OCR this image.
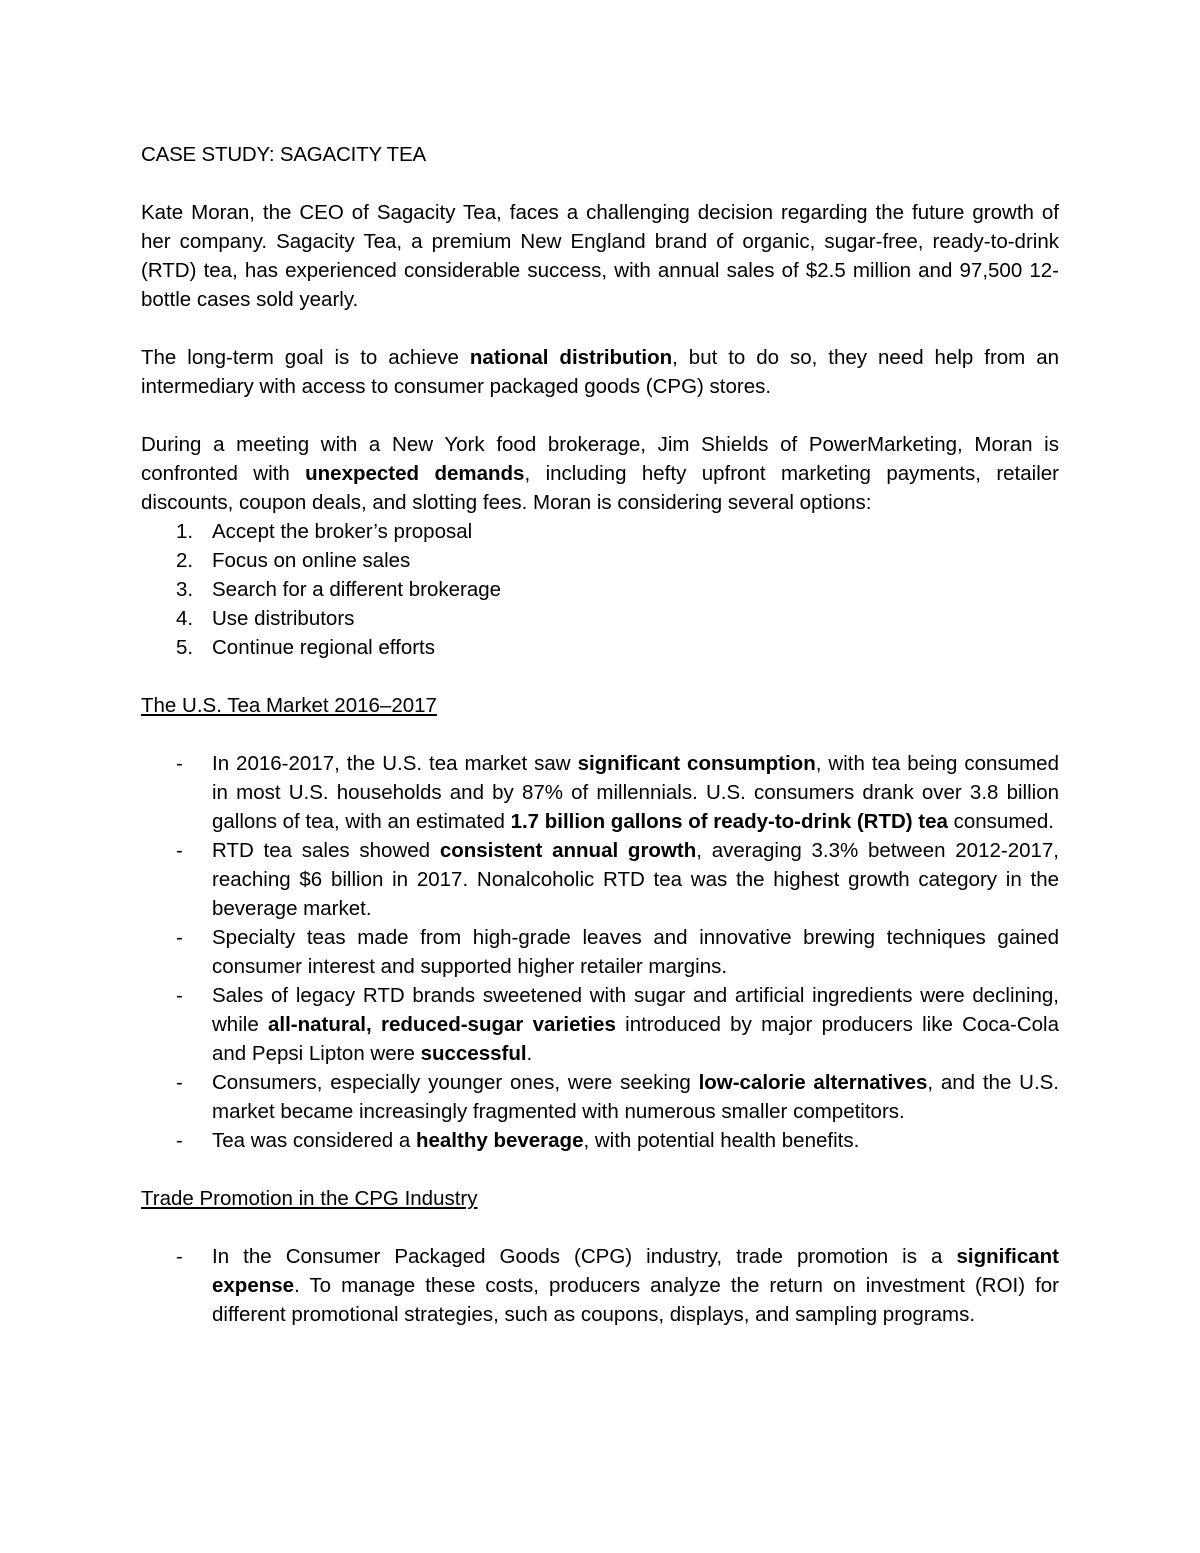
CASE STUDY: SAGACITY TEA

Kate Moran, the CEO of Sagacity Tea, faces a challenging decision regarding the future growth of her company. Sagacity Tea, a premium New England brand of organic, sugar-free, ready-to-drink (RTD) tea, has experienced considerable success, with annual sales of $2.5 million and 97,500 12-bottle cases sold yearly.

The long-term goal is to achieve national distribution, but to do so, they need help from an intermediary with access to consumer packaged goods (CPG) stores.

During a meeting with a New York food brokerage, Jim Shields of PowerMarketing, Moran is confronted with unexpected demands, including hefty upfront marketing payments, retailer discounts, coupon deals, and slotting fees. Moran is considering several options:

1. Accept the broker’s proposal
2. Focus on online sales
3. Search for a different brokerage
4. Use distributors
5. Continue regional efforts
The U.S. Tea Market 2016–2017
- In 2016-2017, the U.S. tea market saw significant consumption, with tea being consumed in most U.S. households and by 87% of millennials. U.S. consumers drank over 3.8 billion gallons of tea, with an estimated 1.7 billion gallons of ready-to-drink (RTD) tea consumed.
- RTD tea sales showed consistent annual growth, averaging 3.3% between 2012-2017, reaching $6 billion in 2017. Nonalcoholic RTD tea was the highest growth category in the beverage market.
- Specialty teas made from high-grade leaves and innovative brewing techniques gained consumer interest and supported higher retailer margins.
- Sales of legacy RTD brands sweetened with sugar and artificial ingredients were declining, while all-natural, reduced-sugar varieties introduced by major producers like Coca-Cola and Pepsi Lipton were successful.
- Consumers, especially younger ones, were seeking low-calorie alternatives, and the U.S. market became increasingly fragmented with numerous smaller competitors.
- Tea was considered a healthy beverage, with potential health benefits.
Trade Promotion in the CPG Industry
- In the Consumer Packaged Goods (CPG) industry, trade promotion is a significant expense. To manage these costs, producers analyze the return on investment (ROI) for different promotional strategies, such as coupons, displays, and sampling programs.
